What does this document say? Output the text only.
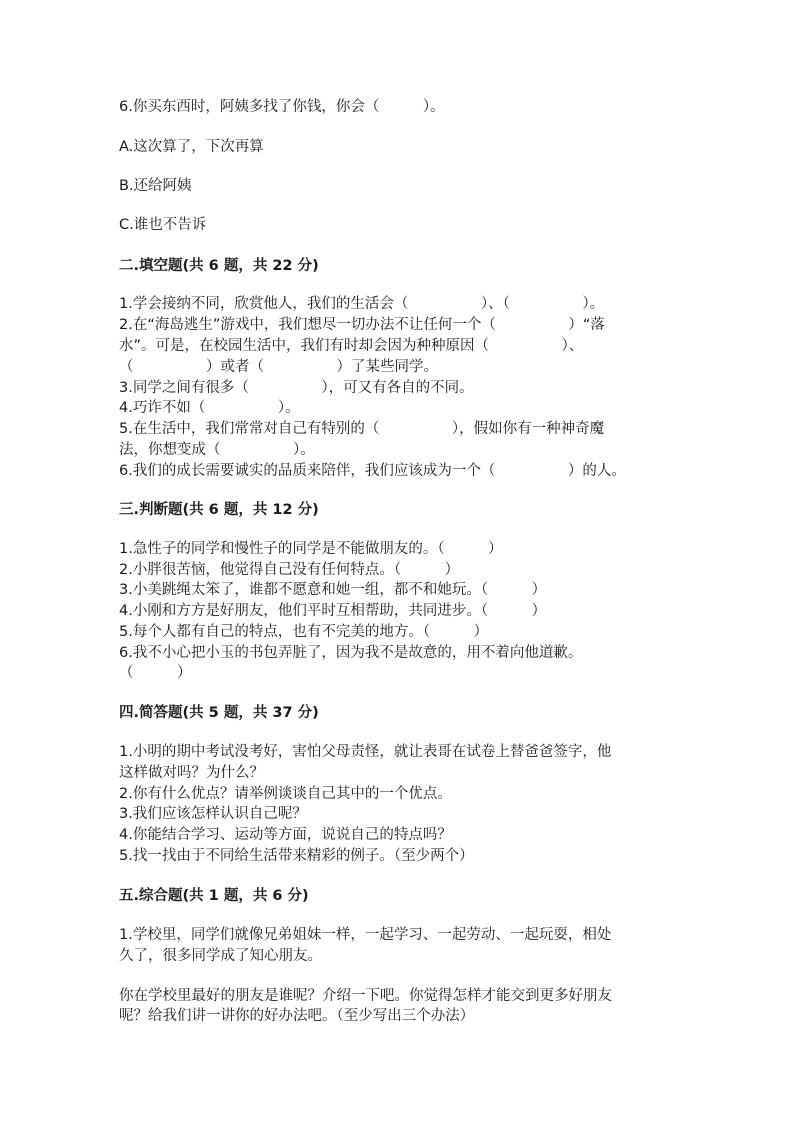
6.你买东西时，阿姨多找了你钱，你会（　　　）。
A.这次算了，下次再算
B.还给阿姨
C.谁也不告诉
二.填空题(共 6 题，共 22 分)
1.学会接纳不同，欣赏他人，我们的生活会（　　　　　）、（　　　　　）。
2.在“海岛逃生”游戏中，我们想尽一切办法不让任何一个（　　　　　）“落
水”。可是，在校园生活中，我们有时却会因为种种原因（　　　　　）、
（　　　　　）或者（　　　　　）了某些同学。
3.同学之间有很多（　　　　　），可又有各自的不同。
4.巧诈不如（　　　　　）。
5.在生活中，我们常常对自己有特别的（　　　　　），假如你有一种神奇魔
法，你想变成（　　　　　）。
6.我们的成长需要诚实的品质来陪伴，我们应该成为一个（　　　　　）的人。
三.判断题(共 6 题，共 12 分)
1.急性子的同学和慢性子的同学是不能做朋友的。（　　　）
2.小胖很苦恼，他觉得自己没有任何特点。（　　　）
3.小美跳绳太笨了，谁都不愿意和她一组，都不和她玩。（　　　）
4.小刚和方方是好朋友，他们平时互相帮助，共同进步。（　　　）
5.每个人都有自己的特点，也有不完美的地方。（　　　）
6.我不小心把小玉的书包弄脏了，因为我不是故意的，用不着向他道歉。
（　　　）
四.简答题(共 5 题，共 37 分)
1.小明的期中考试没考好，害怕父母责怪，就让表哥在试卷上替爸爸签字，他
这样做对吗？为什么？
2.你有什么优点？请举例谈谈自己其中的一个优点。
3.我们应该怎样认识自己呢？
4.你能结合学习、运动等方面，说说自己的特点吗？
5.找一找由于不同给生活带来精彩的例子。（至少两个）
五.综合题(共 1 题，共 6 分)
1.学校里，同学们就像兄弟姐妹一样，一起学习、一起劳动、一起玩耍，相处
久了，很多同学成了知心朋友。
你在学校里最好的朋友是谁呢？介绍一下吧。你觉得怎样才能交到更多好朋友
呢？给我们讲一讲你的好办法吧。（至少写出三个办法）
